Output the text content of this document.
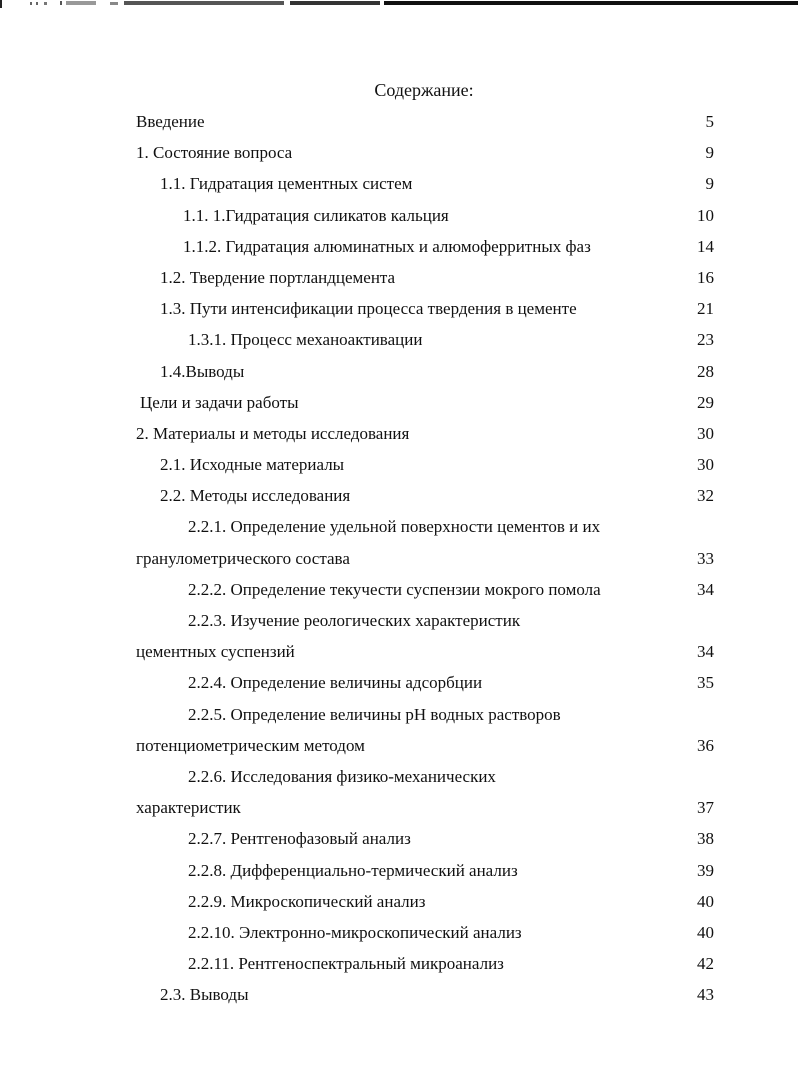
Содержание:
Введение	5
1. Состояние вопроса	9
1.1. Гидратация цементных систем	9
1.1. 1.Гидратация силикатов кальция	10
1.1.2. Гидратация алюминатных и алюмоферритных фаз	14
1.2. Твердение портландцемента	16
1.3. Пути интенсификации процесса твердения в цементе	21
1.3.1. Процесс механоактивации	23
1.4.Выводы	28
Цели и задачи работы	29
2. Материалы и методы исследования	30
2.1. Исходные материалы	30
2.2. Методы исследования	32
2.2.1. Определение удельной поверхности цементов и их
гранулометрического состава	33
2.2.2. Определение текучести суспензии мокрого помола	34
2.2.3. Изучение реологических характеристик
цементных суспензий	34
2.2.4. Определение величины адсорбции	35
2.2.5. Определение величины pH водных растворов
потенциометрическим методом	36
2.2.6. Исследования физико-механических
характеристик	37
2.2.7. Рентгенофазовый анализ	38
2.2.8. Дифференциально-термический анализ	39
2.2.9. Микроскопический анализ	40
2.2.10. Электронно-микроскопический анализ	40
2.2.11. Рентгеноспектральный микроанализ	42
2.3. Выводы	43
